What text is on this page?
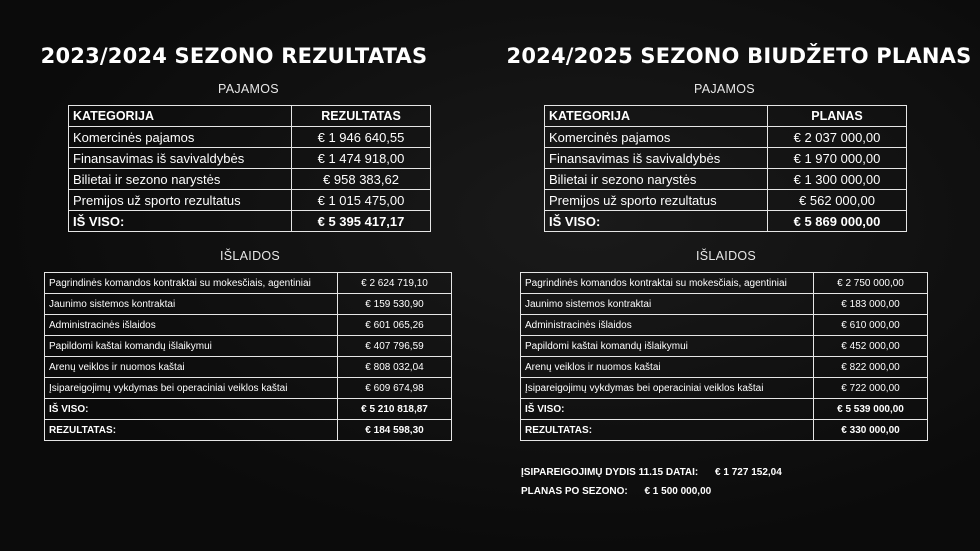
2023/2024 SEZONO REZULTATAS
PAJAMOS
KATEGORIJA	REZULTATAS
Komercinės pajamos	€ 1 946 640,55
Finansavimas iš savivaldybės	€ 1 474 918,00
Bilietai ir sezono narystės	€ 958 383,62
Premijos už sporto rezultatus	€ 1 015 475,00
IŠ VISO:	€ 5 395 417,17
IŠLAIDOS
Pagrindinės komandos kontraktai su mokesčiais, agentiniai	€ 2 624 719,10
Jaunimo sistemos kontraktai	€ 159 530,90
Administracinės išlaidos	€ 601 065,26
Papildomi kaštai komandų išlaikymui	€ 407 796,59
Arenų veiklos ir nuomos kaštai	€ 808 032,04
Įsipareigojimų vykdymas bei operaciniai veiklos kaštai	€ 609 674,98
IŠ VISO:	€ 5 210 818,87
REZULTATAS:	€ 184 598,30
2024/2025 SEZONO BIUDŽETO PLANAS
PAJAMOS
KATEGORIJA	PLANAS
Komercinės pajamos	€ 2 037 000,00
Finansavimas iš savivaldybės	€ 1 970 000,00
Bilietai ir sezono narystės	€ 1 300 000,00
Premijos už sporto rezultatus	€ 562 000,00
IŠ VISO:	€ 5 869 000,00
IŠLAIDOS
Pagrindinės komandos kontraktai su mokesčiais, agentiniai	€ 2 750 000,00
Jaunimo sistemos kontraktai	€ 183 000,00
Administracinės išlaidos	€ 610 000,00
Papildomi kaštai komandų išlaikymui	€ 452 000,00
Arenų veiklos ir nuomos kaštai	€ 822 000,00
Įsipareigojimų vykdymas bei operaciniai veiklos kaštai	€ 722 000,00
IŠ VISO:	€ 5 539 000,00
REZULTATAS:	€ 330 000,00
ĮSIPAREIGOJIMŲ DYDIS 11.15 DATAI: € 1 727 152,04
PLANAS PO SEZONO: € 1 500 000,00
